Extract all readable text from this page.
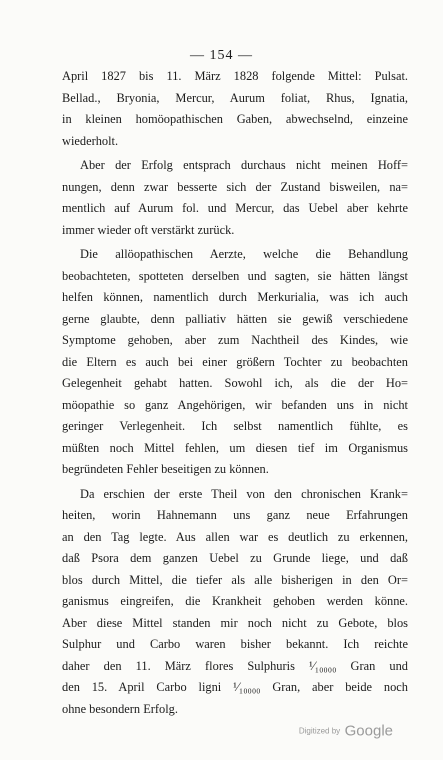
— 154 —
April 1827 bis 11. März 1828 folgende Mittel: Pulsat.
Bellad., Bryonia, Mercur, Aurum foliat, Rhus, Ignatia,
in kleinen homöopathischen Gaben, abwechselnd, einzeine
wiederholt.
Aber der Erfolg entsprach durchaus nicht meinen Hoff=
nungen, denn zwar besserte sich der Zustand bisweilen, na=
mentlich auf Aurum fol. und Mercur, das Uebel aber kehrte
immer wieder oft verstärkt zurück.
Die allöopathischen Aerzte, welche die Behandlung
beobachteten, spotteten derselben und sagten, sie hätten längst
helfen können, namentlich durch Merkurialia, was ich auch
gerne glaubte, denn palliativ hätten sie gewiß verschiedene
Symptome gehoben, aber zum Nachtheil des Kindes, wie
die Eltern es auch bei einer größern Tochter zu beobachten
Gelegenheit gehabt hatten. Sowohl ich, als die der Ho=
möopathie so ganz Angehörigen, wir befanden uns in nicht
geringer Verlegenheit. Ich selbst namentlich fühlte, es
müßten noch Mittel fehlen, um diesen tief im Organismus
begründeten Fehler beseitigen zu können.
Da erschien der erste Theil von den chronischen Krank=
heiten, worin Hahnemann uns ganz neue Erfahrungen
an den Tag legte. Aus allen war es deutlich zu erkennen,
daß Psora dem ganzen Uebel zu Grunde liege, und daß
blos durch Mittel, die tiefer als alle bisherigen in den Or=
ganismus eingreifen, die Krankheit gehoben werden könne.
Aber diese Mittel standen mir noch nicht zu Gebote, blos
Sulphur und Carbo waren bisher bekannt. Ich reichte
daher den 11. März flores Sulphuris ¹⁄₁₀₀₀₀ Gran und
den 15. April Carbo ligni ¹⁄₁₀₀₀₀ Gran, aber beide noch
ohne besondern Erfolg.
Digitized by Google
